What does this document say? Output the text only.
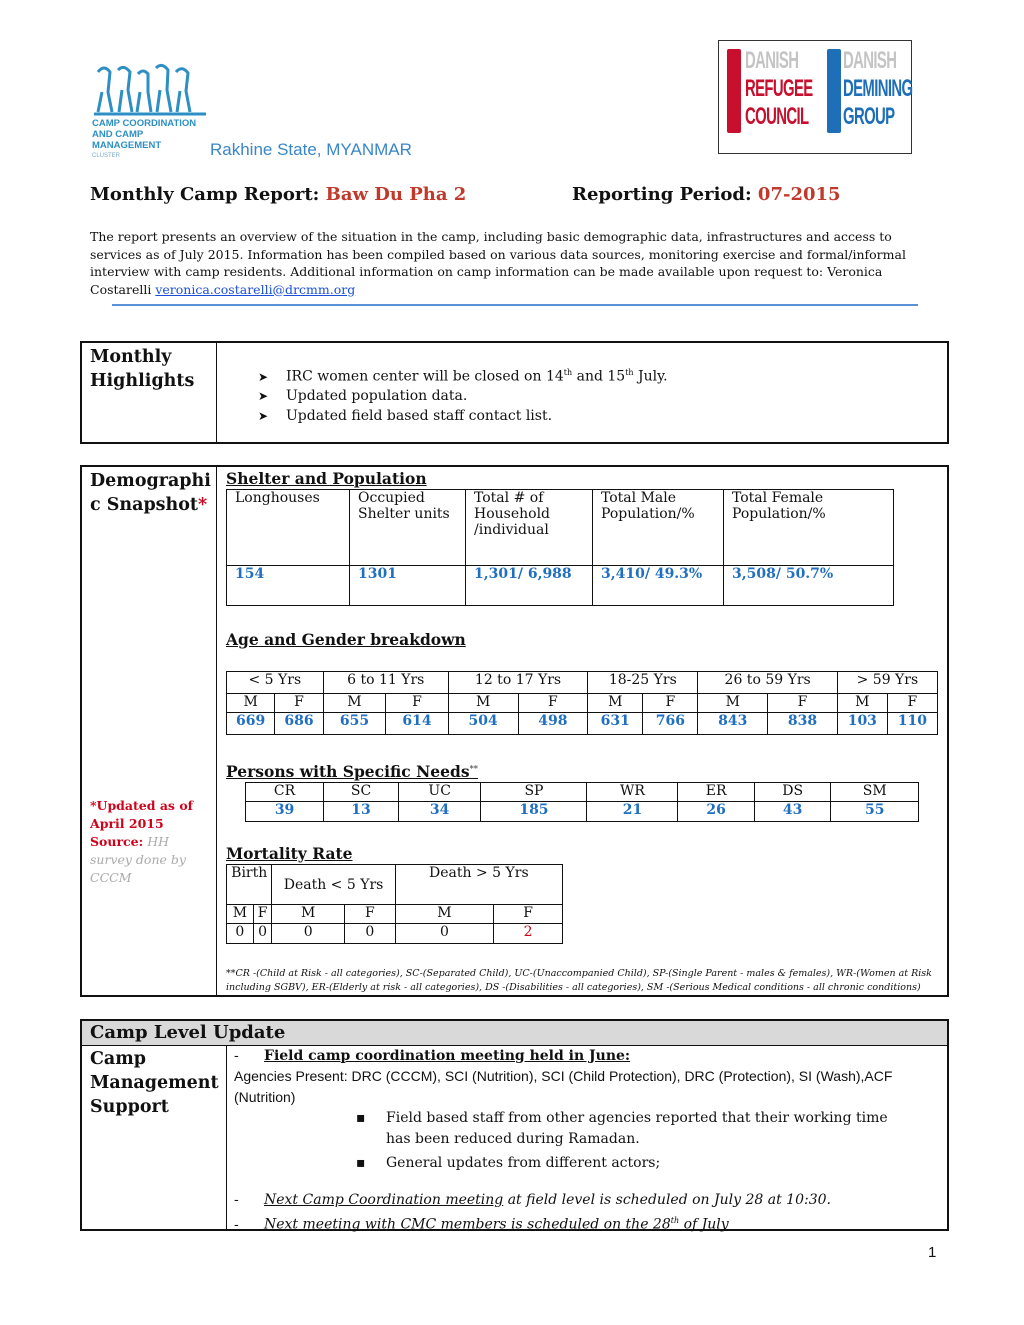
CAMP COORDINATION
AND CAMP MANAGEMENT
CLUSTER	Rakhine State, MYANMAR
DANISH
REFUGEE
COUNCIL
DANISH
DEMINING
GROUP
Monthly Camp Report: Baw Du Pha 2	Reporting Period: 07-2015
The report presents an overview of the situation in the camp, including basic demographic data, infrastructures and access to services as of July 2015. Information has been compiled based on various data sources, monitoring exercise and formal/informal interview with camp residents. Additional information on camp information can be made available upon request to: Veronica Costarelli veronica.costarelli@drcmm.org
Monthly
Highlights	➤ IRC women center will be closed on 14th and 15th July.
➤ Updated population data.
➤ Updated field based staff contact list.
Demographi
c Snapshot*
Shelter and Population
Longhouses	Occupied Shelter units	Total # of Household /individual	Total Male Population/%	Total Female Population/%
154	1301	1,301/ 6,988	3,410/ 49.3%	3,508/ 50.7%
Age and Gender breakdown
< 5 Yrs		6 to 11 Yrs		12 to 17 Yrs		18-25 Yrs		26 to 59 Yrs		> 59 Yrs	
M	F	M	F	M	F	M	F	M	F	M	F
669	686	655	614	504	498	631	766	843	838	103	110
Persons with Specific Needs**
CR	SC	UC	SP	WR	ER	DS	SM
39	13	34	185	21	26	43	55
*Updated as of April 2015
Source: HH survey done by CCCM
Mortality Rate
Birth		Death < 5 Yrs		Death > 5 Yrs	
M	F	M	F	M	F
0	0	0	0	0	2
**CR -(Child at Risk - all categories), SC-(Separated Child), UC-(Unaccompanied Child), SP-(Single Parent - males & females), WR-(Women at Risk including SGBV), ER-(Elderly at risk - all categories), DS -(Disabilities - all categories), SM -(Serious Medical conditions - all chronic conditions)
Camp
Management
Support
Camp Level Update
- Field camp coordination meeting held in June:
Agencies Present: DRC (CCCM), SCI (Nutrition), SCI (Child Protection), DRC (Protection), SI (Wash),ACF (Nutrition)
▪ Field based staff from other agencies reported that their working time has been reduced during Ramadan.
▪ General updates from different actors;
- Next Camp Coordination meeting at field level is scheduled on July 28 at 10:30.
- Next meeting with CMC members is scheduled on the 28th of July
1
